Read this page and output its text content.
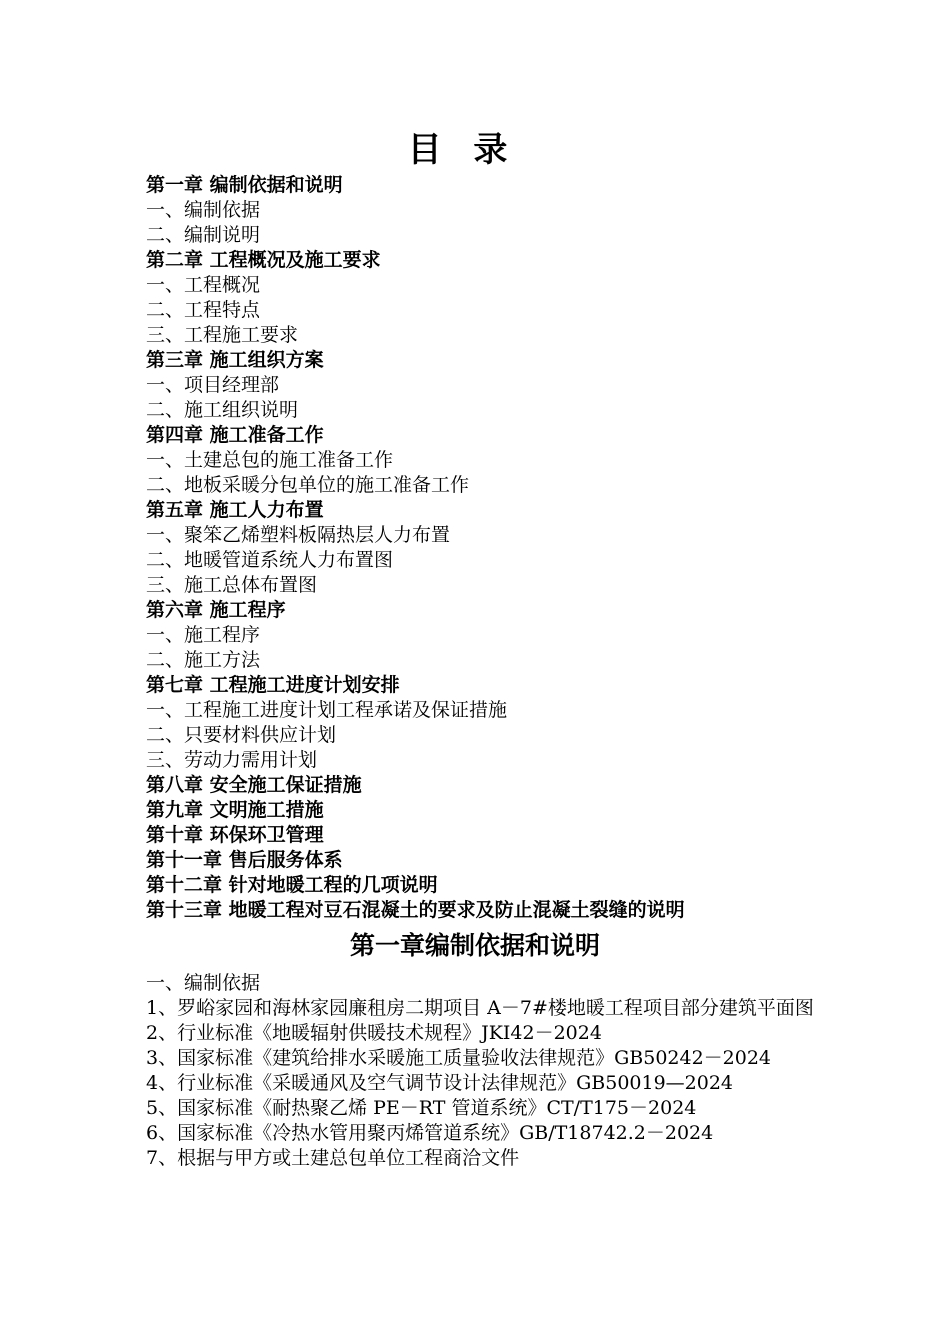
目 录
第一章 编制依据和说明
一、编制依据
二、编制说明
第二章 工程概况及施工要求
一、工程概况
二、工程特点
三、工程施工要求
第三章 施工组织方案
一、项目经理部
二、施工组织说明
第四章 施工准备工作
一、土建总包的施工准备工作
二、地板采暖分包单位的施工准备工作
第五章 施工人力布置
一、聚笨乙烯塑料板隔热层人力布置
二、地暖管道系统人力布置图
三、施工总体布置图
第六章 施工程序
一、施工程序
二、施工方法
第七章 工程施工进度计划安排
一、工程施工进度计划工程承诺及保证措施
二、只要材料供应计划
三、劳动力需用计划
第八章 安全施工保证措施
第九章 文明施工措施
第十章 环保环卫管理
第十一章 售后服务体系
第十二章 针对地暖工程的几项说明
第十三章 地暖工程对豆石混凝土的要求及防止混凝土裂缝的说明
第一章编制依据和说明
一、编制依据
1、罗峪家园和海林家园廉租房二期项目 A－7#楼地暖工程项目部分建筑平面图
2、行业标准《地暖辐射供暖技术规程》JKI42－2024
3、国家标准《建筑给排水采暖施工质量验收法律规范》GB50242－2024
4、行业标准《采暖通风及空气调节设计法律规范》GB50019—2024
5、国家标准《耐热聚乙烯 PE－RT 管道系统》CT/T175－2024
6、国家标准《冷热水管用聚丙烯管道系统》GB/T18742.2－2024
7、根据与甲方或土建总包单位工程商洽文件
